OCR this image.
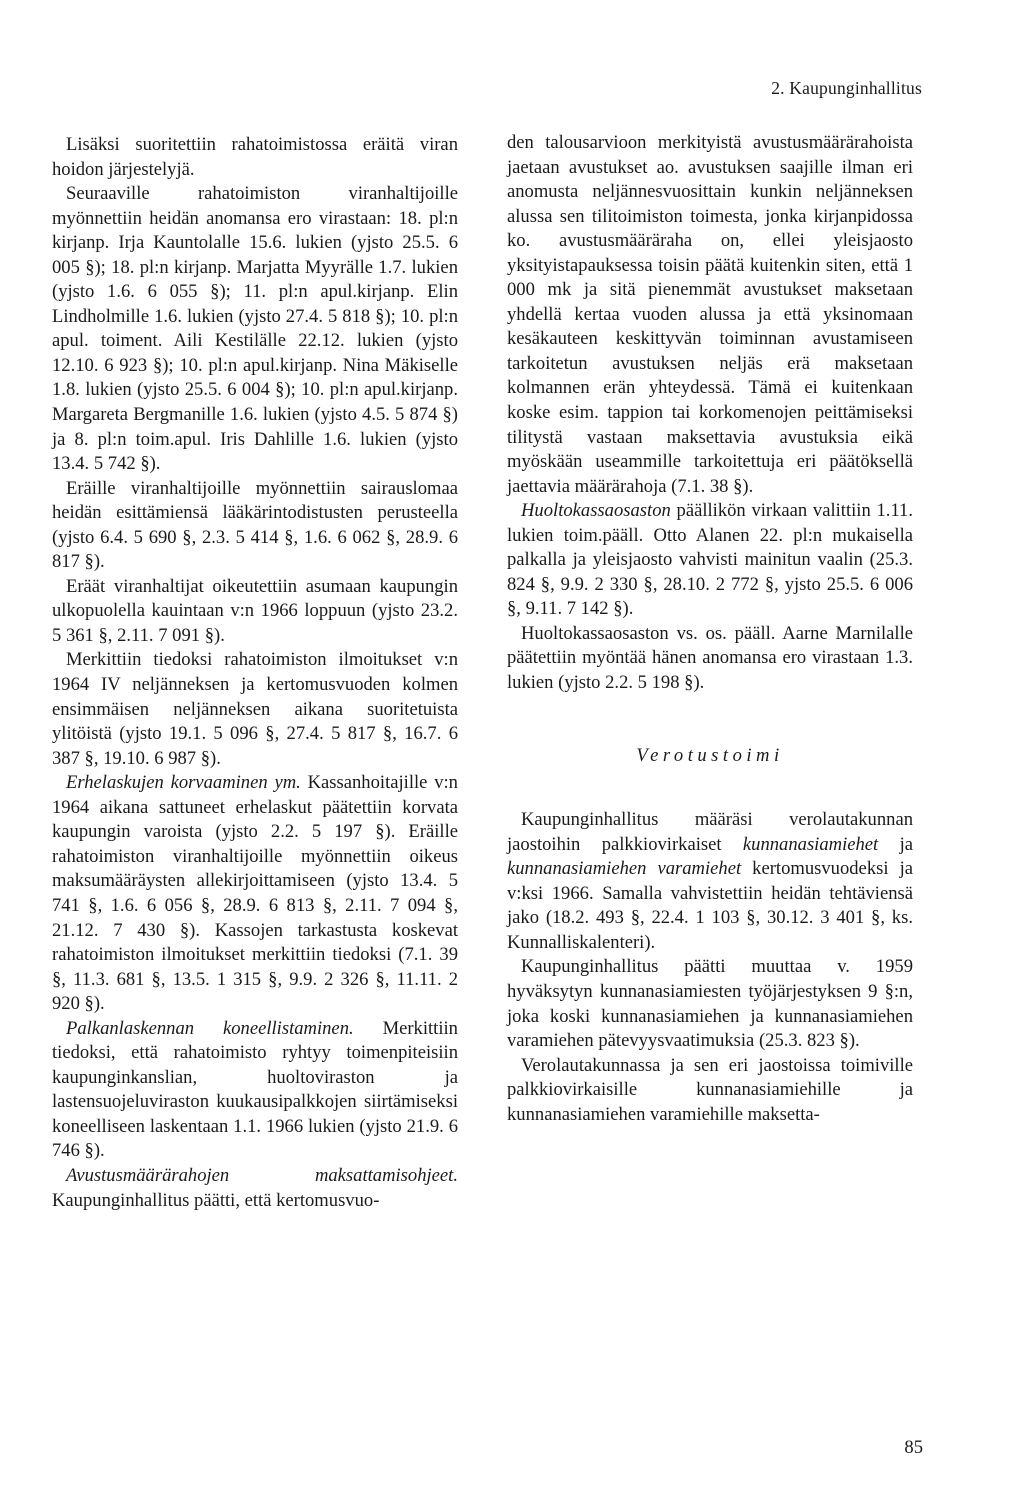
2. Kaupunginhallitus

Lisäksi suoritettiin rahatoimistossa eräitä viran hoidon järjestelyjä.

Seuraaville rahatoimiston viranhaltijoille myönnettiin heidän anomansa ero virastaan: 18. pl:n kirjanp. Irja Kauntolalle 15.6. lukien (yjsto 25.5. 6 005 §); 18. pl:n kirjanp. Marjatta Myyrälle 1.7. lukien (yjsto 1.6. 6 055 §); 11. pl:n apul.kirjanp. Elin Lindholmille 1.6. lukien (yjsto 27.4. 5 818 §); 10. pl:n apul. toiment. Aili Kestilälle 22.12. lukien (yjsto 12.10. 6 923 §); 10. pl:n apul.kirjanp. Nina Mäkiselle 1.8. lukien (yjsto 25.5. 6 004 §); 10. pl:n apul.kirjanp. Margareta Bergmanille 1.6. lukien (yjsto 4.5. 5 874 §) ja 8. pl:n toim.apul. Iris Dahlille 1.6. lukien (yjsto 13.4. 5 742 §).

Eräille viranhaltijoille myönnettiin sairauslomaa heidän esittämiensä lääkärintodistusten perusteella (yjsto 6.4. 5 690 §, 2.3. 5 414 §, 1.6. 6 062 §, 28.9. 6 817 §).

Eräät viranhaltijat oikeutettiin asumaan kaupungin ulkopuolella kauintaan v:n 1966 loppuun (yjsto 23.2. 5 361 §, 2.11. 7 091 §).

Merkittiin tiedoksi rahatoimiston ilmoitukset v:n 1964 IV neljänneksen ja kertomusvuoden kolmen ensimmäisen neljänneksen aikana suoritetuista ylitöistä (yjsto 19.1. 5 096 §, 27.4. 5 817 §, 16.7. 6 387 §, 19.10. 6 987 §).

Erhelaskujen korvaaminen ym. Kassanhoitajille v:n 1964 aikana sattuneet erhelaskut päätettiin korvata kaupungin varoista (yjsto 2.2. 5 197 §). Eräille rahatoimiston viranhaltijoille myönnettiin oikeus maksumääräysten allekirjoittamiseen (yjsto 13.4. 5 741 §, 1.6. 6 056 §, 28.9. 6 813 §, 2.11. 7 094 §, 21.12. 7 430 §). Kassojen tarkastusta koskevat rahatoimiston ilmoitukset merkittiin tiedoksi (7.1. 39 §, 11.3. 681 §, 13.5. 1 315 §, 9.9. 2 326 §, 11.11. 2 920 §).

Palkanlaskennan koneellistaminen. Merkittiin tiedoksi, että rahatoimisto ryhtyy toimenpiteisiin kaupunginkanslian, huoltoviraston ja lastensuojeluviraston kuukausipalkkojen siirtämiseksi koneelliseen laskentaan 1.1. 1966 lukien (yjsto 21.9. 6 746 §).

Avustusmäärärahojen maksattamisohjeet. Kaupunginhallitus päätti, että kertomusvuo-

den talousarvioon merkityistä avustusmäärärahoista jaetaan avustukset ao. avustuksen saajille ilman eri anomusta neljännesvuosittain kunkin neljänneksen alussa sen tilitoimiston toimesta, jonka kirjanpidossa ko. avustusmääräraha on, ellei yleisjaosto yksityistapauksessa toisin päätä kuitenkin siten, että 1 000 mk ja sitä pienemmät avustukset maksetaan yhdellä kertaa vuoden alussa ja että yksinomaan kesäkauteen keskittyvän toiminnan avustamiseen tarkoitetun avustuksen neljäs erä maksetaan kolmannen erän yhteydessä. Tämä ei kuitenkaan koske esim. tappion tai korkomenojen peittämiseksi tilitystä vastaan maksettavia avustuksia eikä myöskään useammille tarkoitettuja eri päätöksellä jaettavia määrärahoja (7.1. 38 §).

Huoltokassaosaston päällikön virkaan valittiin 1.11. lukien toim.pääll. Otto Alanen 22. pl:n mukaisella palkalla ja yleisjaosto vahvisti mainitun vaalin (25.3. 824 §, 9.9. 2 330 §, 28.10. 2 772 §, yjsto 25.5. 6 006 §, 9.11. 7 142 §).

Huoltokassaosaston vs. os. pääll. Aarne Marnilalle päätettiin myöntää hänen anomansa ero virastaan 1.3. lukien (yjsto 2.2. 5 198 §).

Verotustoimi

Kaupunginhallitus määräsi verolautakunnan jaostoihin palkkiovirkaiset kunnanasiamiehet ja kunnanasiamiehen varamiehet kertomusvuodeksi ja v:ksi 1966. Samalla vahvistettiin heidän tehtäviensä jako (18.2. 493 §, 22.4. 1 103 §, 30.12. 3 401 §, ks. Kunnalliskalenteri).

Kaupunginhallitus päätti muuttaa v. 1959 hyväksytyn kunnanasiamiesten työjärjestyksen 9 §:n, joka koski kunnanasiamiehen ja kunnanasiamiehen varamiehen pätevyysvaatimuksia (25.3. 823 §).

Verolautakunnassa ja sen eri jaostoissa toimiville palkkiovirkaisille kunnanasiamiehille ja kunnanasiamiehen varamiehille maksetta-

85
